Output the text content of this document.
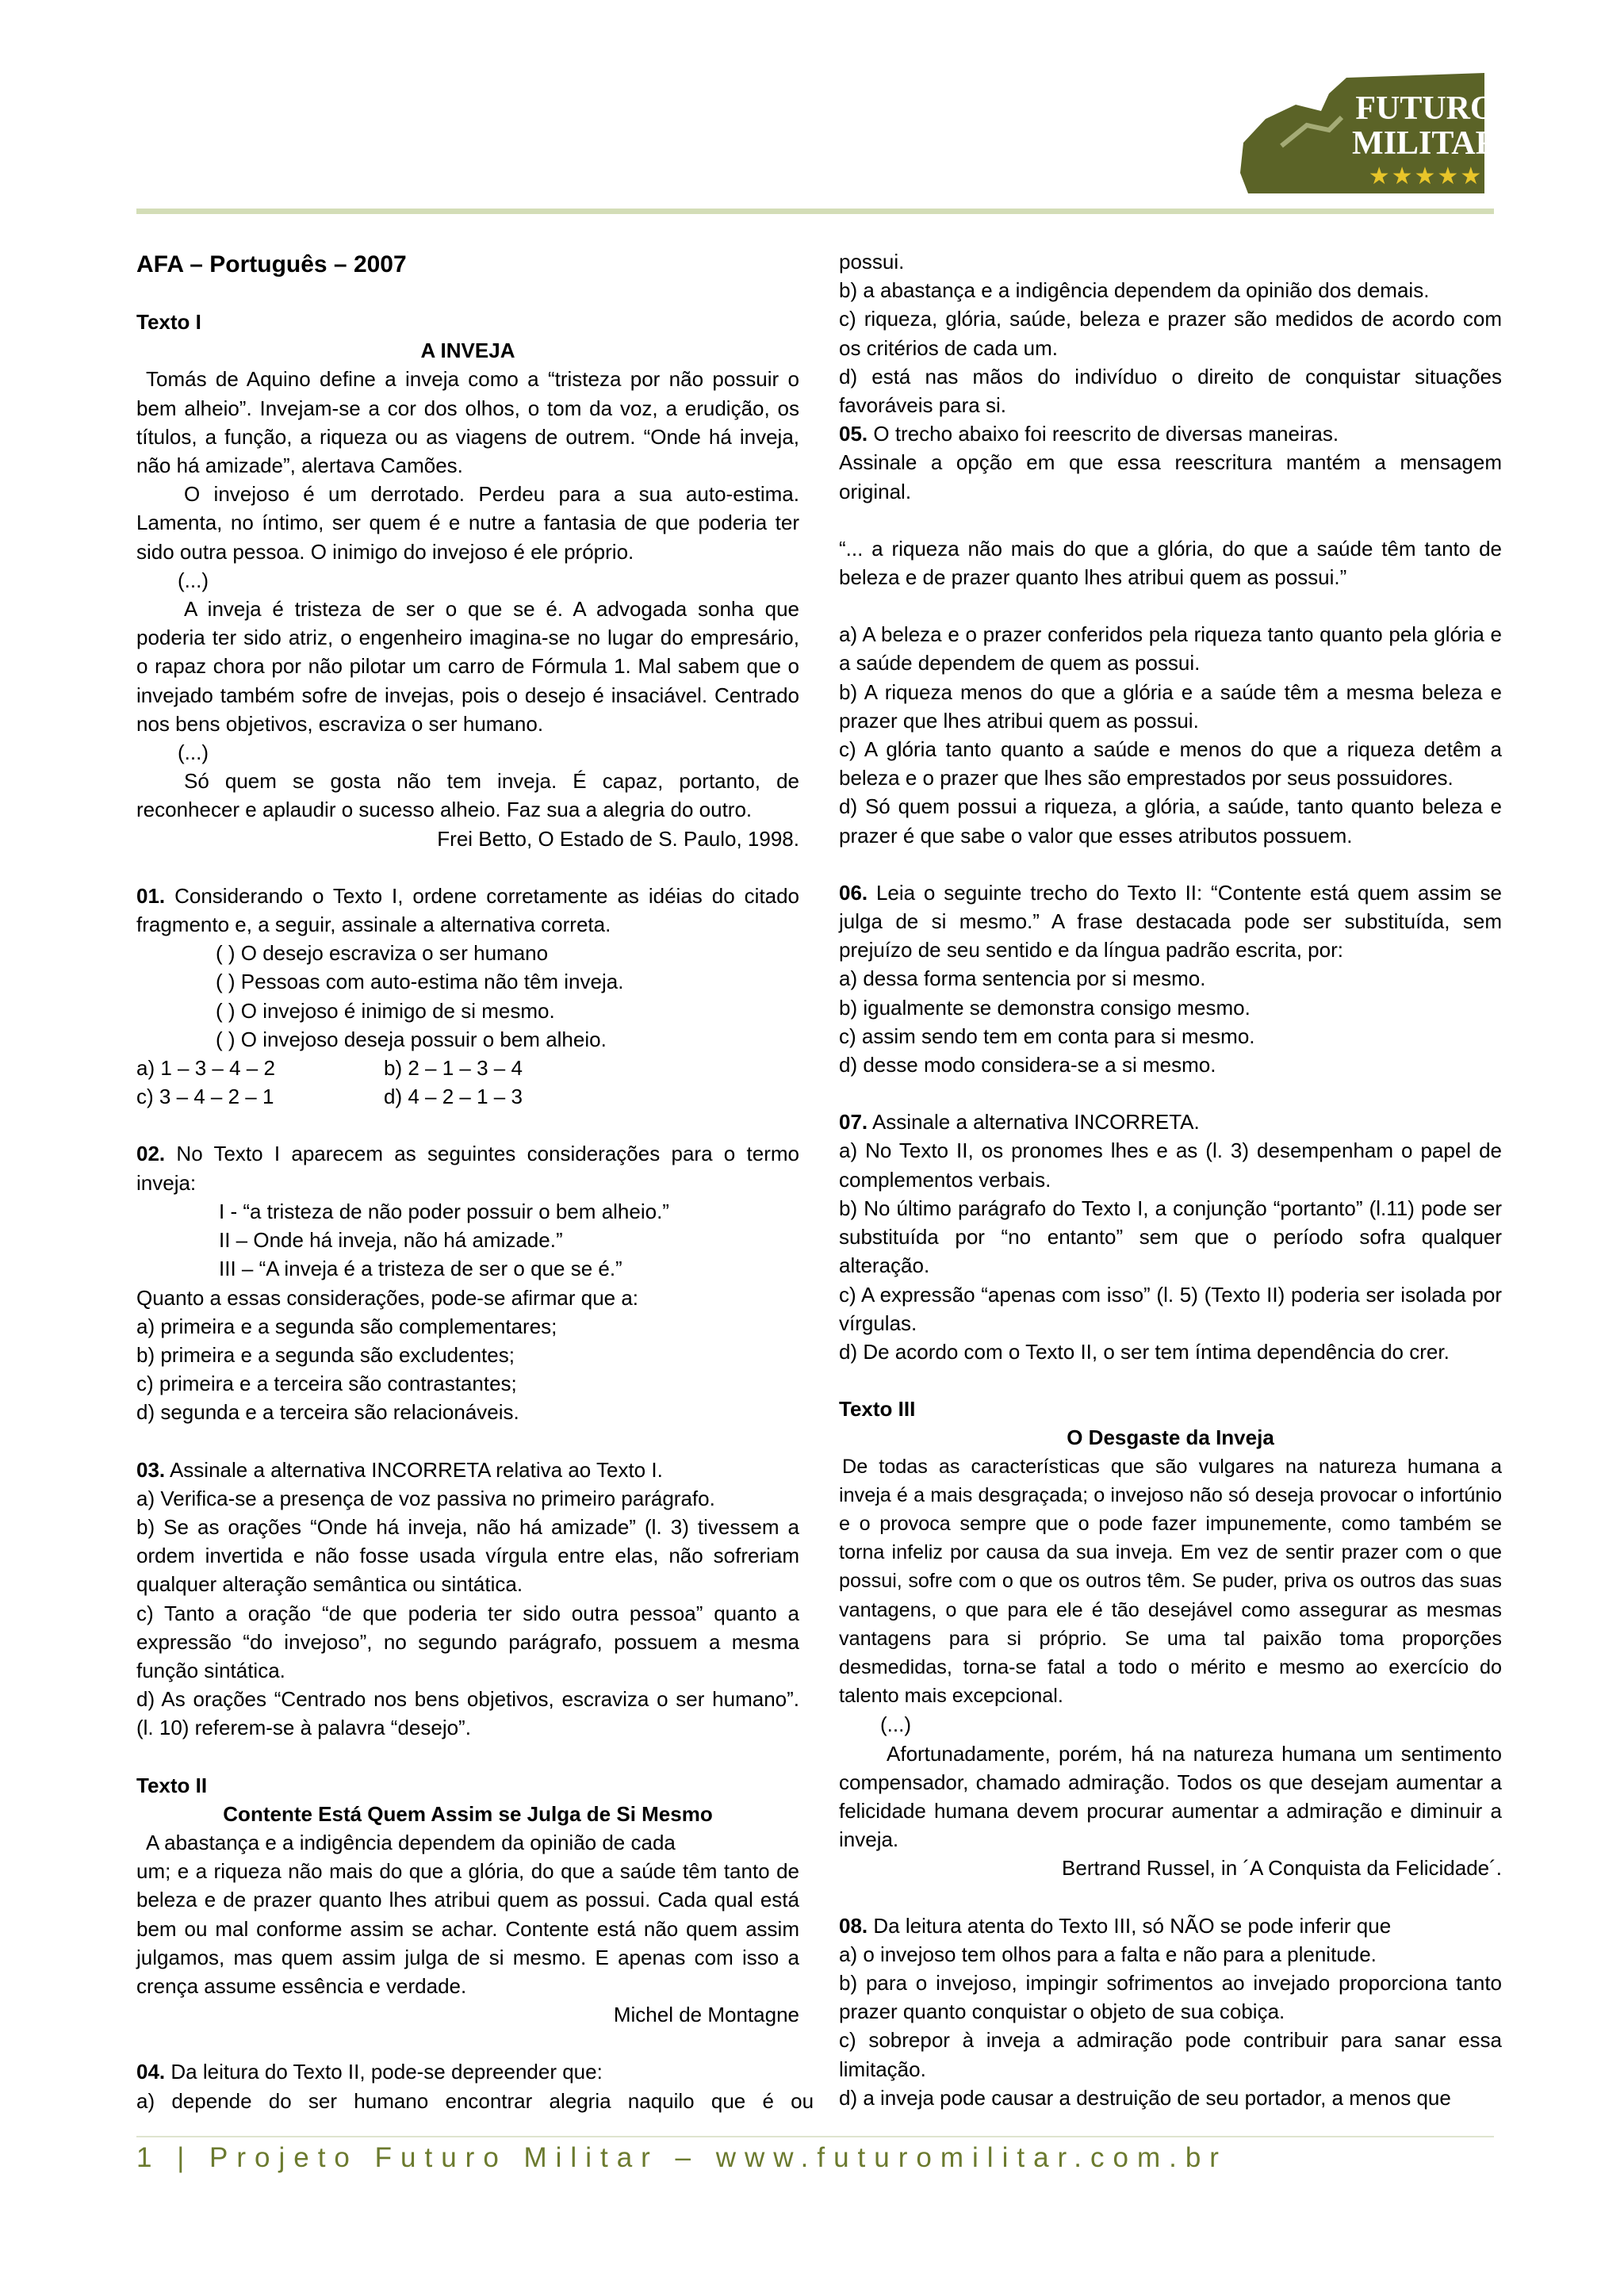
FUTURO
MILITAR
★★★★★

AFA – Português – 2007

Texto I

A INVEJA

Tomás de Aquino define a inveja como a “tristeza por não possuir o bem alheio”. Invejam-se a cor dos olhos, o tom da voz, a erudição, os títulos, a função, a riqueza ou as viagens de outrem. “Onde há inveja, não há amizade”, alertava Camões.

O invejoso é um derrotado. Perdeu para a sua auto-estima. Lamenta, no íntimo, ser quem é e nutre a fantasia de que poderia ter sido outra pessoa. O inimigo do invejoso é ele próprio.

(...)

A inveja é tristeza de ser o que se é. A advogada sonha que poderia ter sido atriz, o engenheiro imagina-se no lugar do empresário, o rapaz chora por não pilotar um carro de Fórmula 1. Mal sabem que o invejado também sofre de invejas, pois o desejo é insaciável. Centrado nos bens objetivos, escraviza o ser humano.

(...)

Só quem se gosta não tem inveja. É capaz, portanto, de reconhecer e aplaudir o sucesso alheio. Faz sua a alegria do outro.

Frei Betto, O Estado de S. Paulo, 1998.

01. Considerando o Texto I, ordene corretamente as idéias do citado fragmento e, a seguir, assinale a alternativa correta.

( ) O desejo escraviza o ser humano

( ) Pessoas com auto-estima não têm inveja.

( ) O invejoso é inimigo de si mesmo.

( ) O invejoso deseja possuir o bem alheio.

a) 1 – 3 – 4 – 2	b) 2 – 1 – 3 – 4
c) 3 – 4 – 2 – 1	d) 4 – 2 – 1 – 3

02. No Texto I aparecem as seguintes considerações para o termo inveja:

I - “a tristeza de não poder possuir o bem alheio.”

II – Onde há inveja, não há amizade.”

III – “A inveja é a tristeza de ser o que se é.”

Quanto a essas considerações, pode-se afirmar que a:

a) primeira e a segunda são complementares;

b) primeira e a segunda são excludentes;

c) primeira e a terceira são contrastantes;

d) segunda e a terceira são relacionáveis.

03. Assinale a alternativa INCORRETA relativa ao Texto I.

a) Verifica-se a presença de voz passiva no primeiro parágrafo.

b) Se as orações “Onde há inveja, não há amizade” (l. 3) tivessem a ordem invertida e não fosse usada vírgula entre elas, não sofreriam qualquer alteração semântica ou sintática.

c) Tanto a oração “de que poderia ter sido outra pessoa” quanto a expressão “do invejoso”, no segundo parágrafo, possuem a mesma função sintática.

d) As orações “Centrado nos bens objetivos, escraviza o ser humano”. (l. 10) referem-se à palavra “desejo”.

Texto II

Contente Está Quem Assim se Julga de Si Mesmo

A abastança e a indigência dependem da opinião de cada

um; e a riqueza não mais do que a glória, do que a saúde têm tanto de beleza e de prazer quanto lhes atribui quem as possui. Cada qual está bem ou mal conforme assim se achar. Contente está não quem assim julgamos, mas quem assim julga de si mesmo. E apenas com isso a crença assume essência e verdade.

Michel de Montagne

04. Da leitura do Texto II, pode-se depreender que:

a) depende do ser humano encontrar alegria naquilo que é ou

possui.

b) a abastança e a indigência dependem da opinião dos demais.

c) riqueza, glória, saúde, beleza e prazer são medidos de acordo com os critérios de cada um.

d) está nas mãos do indivíduo o direito de conquistar situações favoráveis para si.

05. O trecho abaixo foi reescrito de diversas maneiras.

Assinale a opção em que essa reescritura mantém a mensagem original.

“... a riqueza não mais do que a glória, do que a saúde têm tanto de beleza e de prazer quanto lhes atribui quem as possui.”

a) A beleza e o prazer conferidos pela riqueza tanto quanto pela glória e a saúde dependem de quem as possui.

b) A riqueza menos do que a glória e a saúde têm a mesma beleza e prazer que lhes atribui quem as possui.

c) A glória tanto quanto a saúde e menos do que a riqueza detêm a beleza e o prazer que lhes são emprestados por seus possuidores.

d) Só quem possui a riqueza, a glória, a saúde, tanto quanto beleza e prazer é que sabe o valor que esses atributos possuem.

06. Leia o seguinte trecho do Texto II: “Contente está quem assim se julga de si mesmo.” A frase destacada pode ser substituída, sem prejuízo de seu sentido e da língua padrão escrita, por:

a) dessa forma sentencia por si mesmo.

b) igualmente se demonstra consigo mesmo.

c) assim sendo tem em conta para si mesmo.

d) desse modo considera-se a si mesmo.

07. Assinale a alternativa INCORRETA.

a) No Texto II, os pronomes lhes e as (l. 3) desempenham o papel de complementos verbais.

b) No último parágrafo do Texto I, a conjunção “portanto” (l.11) pode ser substituída por “no entanto” sem que o período sofra qualquer alteração.

c) A expressão “apenas com isso” (l. 5) (Texto II) poderia ser isolada por vírgulas.

d) De acordo com o Texto II, o ser tem íntima dependência do crer.

Texto III

O Desgaste da Inveja

De todas as características que são vulgares na natureza humana a inveja é a mais desgraçada; o invejoso não só deseja provocar o infortúnio e o provoca sempre que o pode fazer impunemente, como também se torna infeliz por causa da sua inveja. Em vez de sentir prazer com o que possui, sofre com o que os outros têm. Se puder, priva os outros das suas vantagens, o que para ele é tão desejável como assegurar as mesmas vantagens para si próprio. Se uma tal paixão toma proporções desmedidas, torna-se fatal a todo o mérito e mesmo ao exercício do talento mais excepcional.

(...)

Afortunadamente, porém, há na natureza humana um sentimento compensador, chamado admiração. Todos os que desejam aumentar a felicidade humana devem procurar aumentar a admiração e diminuir a inveja.

Bertrand Russel, in ´A Conquista da Felicidade´.

08. Da leitura atenta do Texto III, só NÃO se pode inferir que

a) o invejoso tem olhos para a falta e não para a plenitude.

b) para o invejoso, impingir sofrimentos ao invejado proporciona tanto prazer quanto conquistar o objeto de sua cobiça.

c) sobrepor à inveja a admiração pode contribuir para sanar essa limitação.

d) a inveja pode causar a destruição de seu portador, a menos que

1 | Projeto Futuro Militar – www.futuromilitar.com.br
